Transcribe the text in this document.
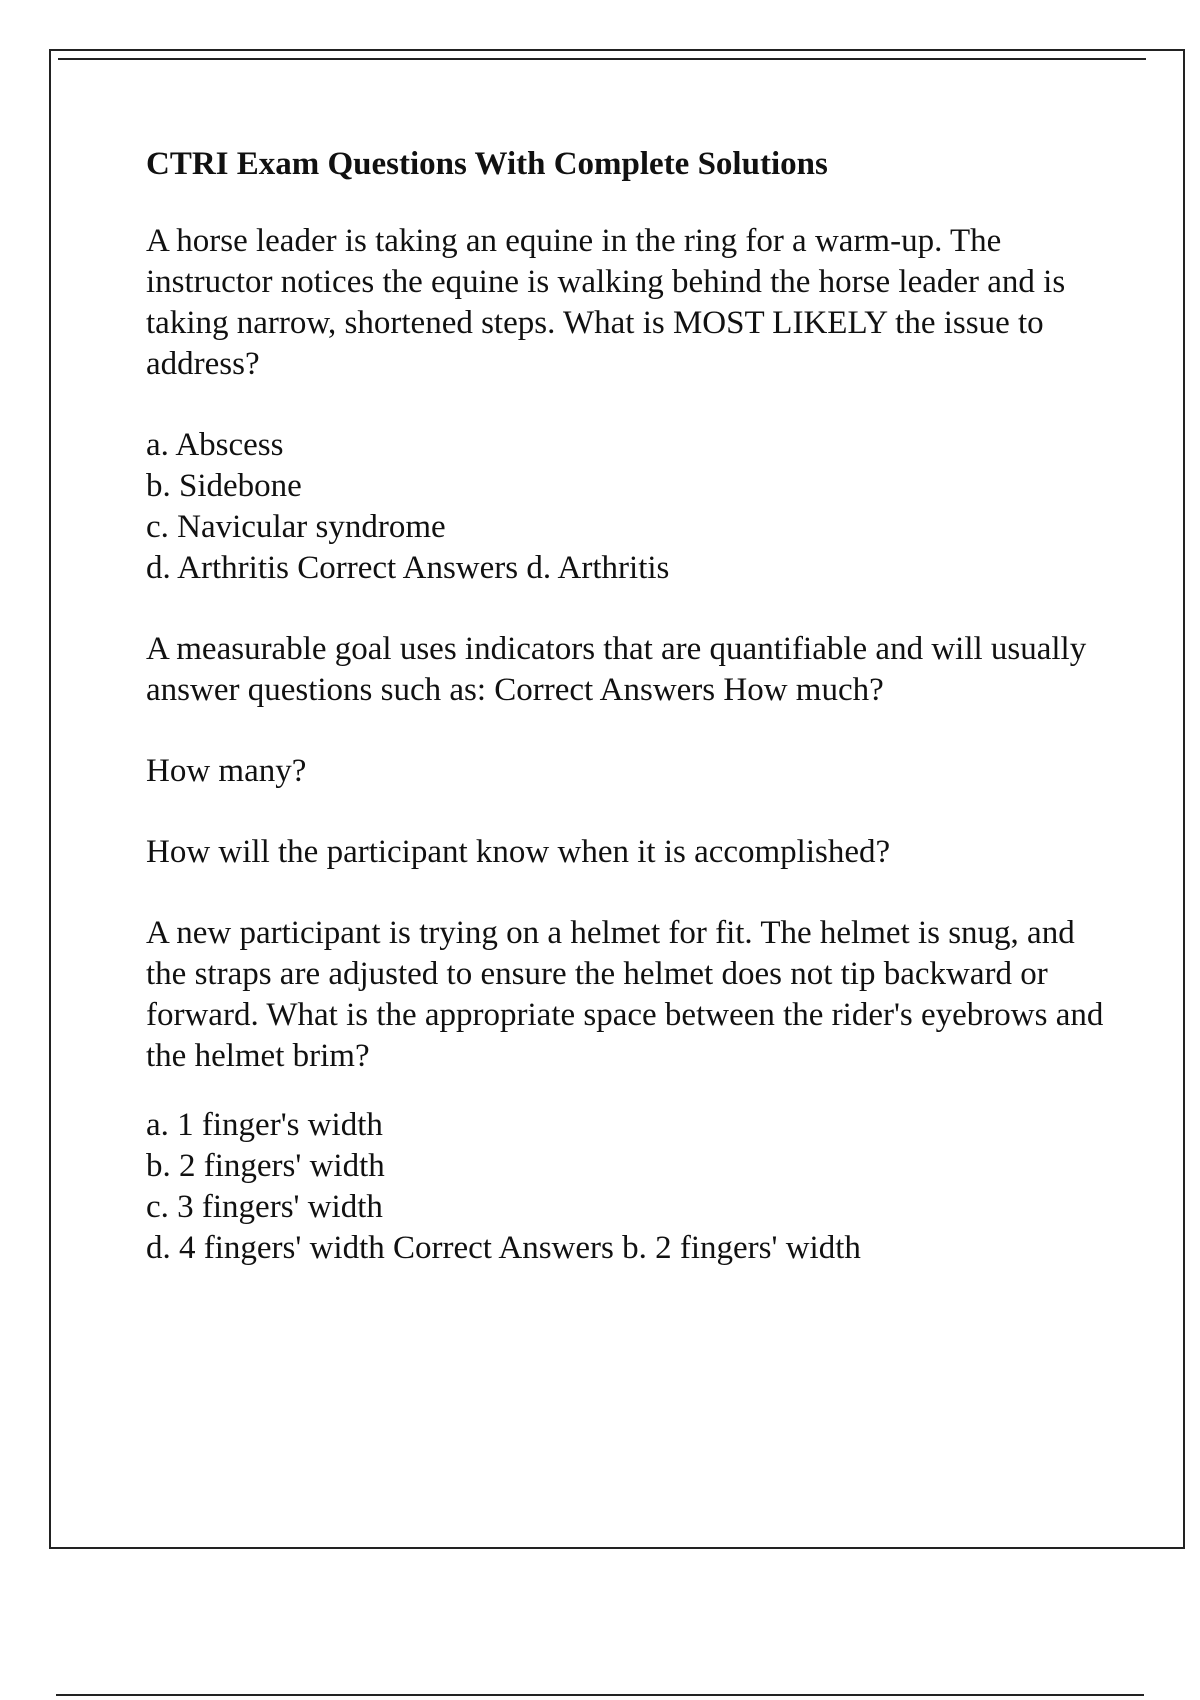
CTRI Exam Questions With Complete Solutions
A horse leader is taking an equine in the ring for a warm-up. The instructor notices the equine is walking behind the horse leader and is taking narrow, shortened steps. What is MOST LIKELY the issue to address?
a. Abscess
b. Sidebone
c. Navicular syndrome
d. Arthritis Correct Answers d. Arthritis
A measurable goal uses indicators that are quantifiable and will usually answer questions such as: Correct Answers How much?
How many?
How will the participant know when it is accomplished?
A new participant is trying on a helmet for fit. The helmet is snug, and the straps are adjusted to ensure the helmet does not tip backward or forward. What is the appropriate space between the rider's eyebrows and the helmet brim?
a. 1 finger's width
b. 2 fingers' width
c. 3 fingers' width
d. 4 fingers' width Correct Answers b. 2 fingers' width
